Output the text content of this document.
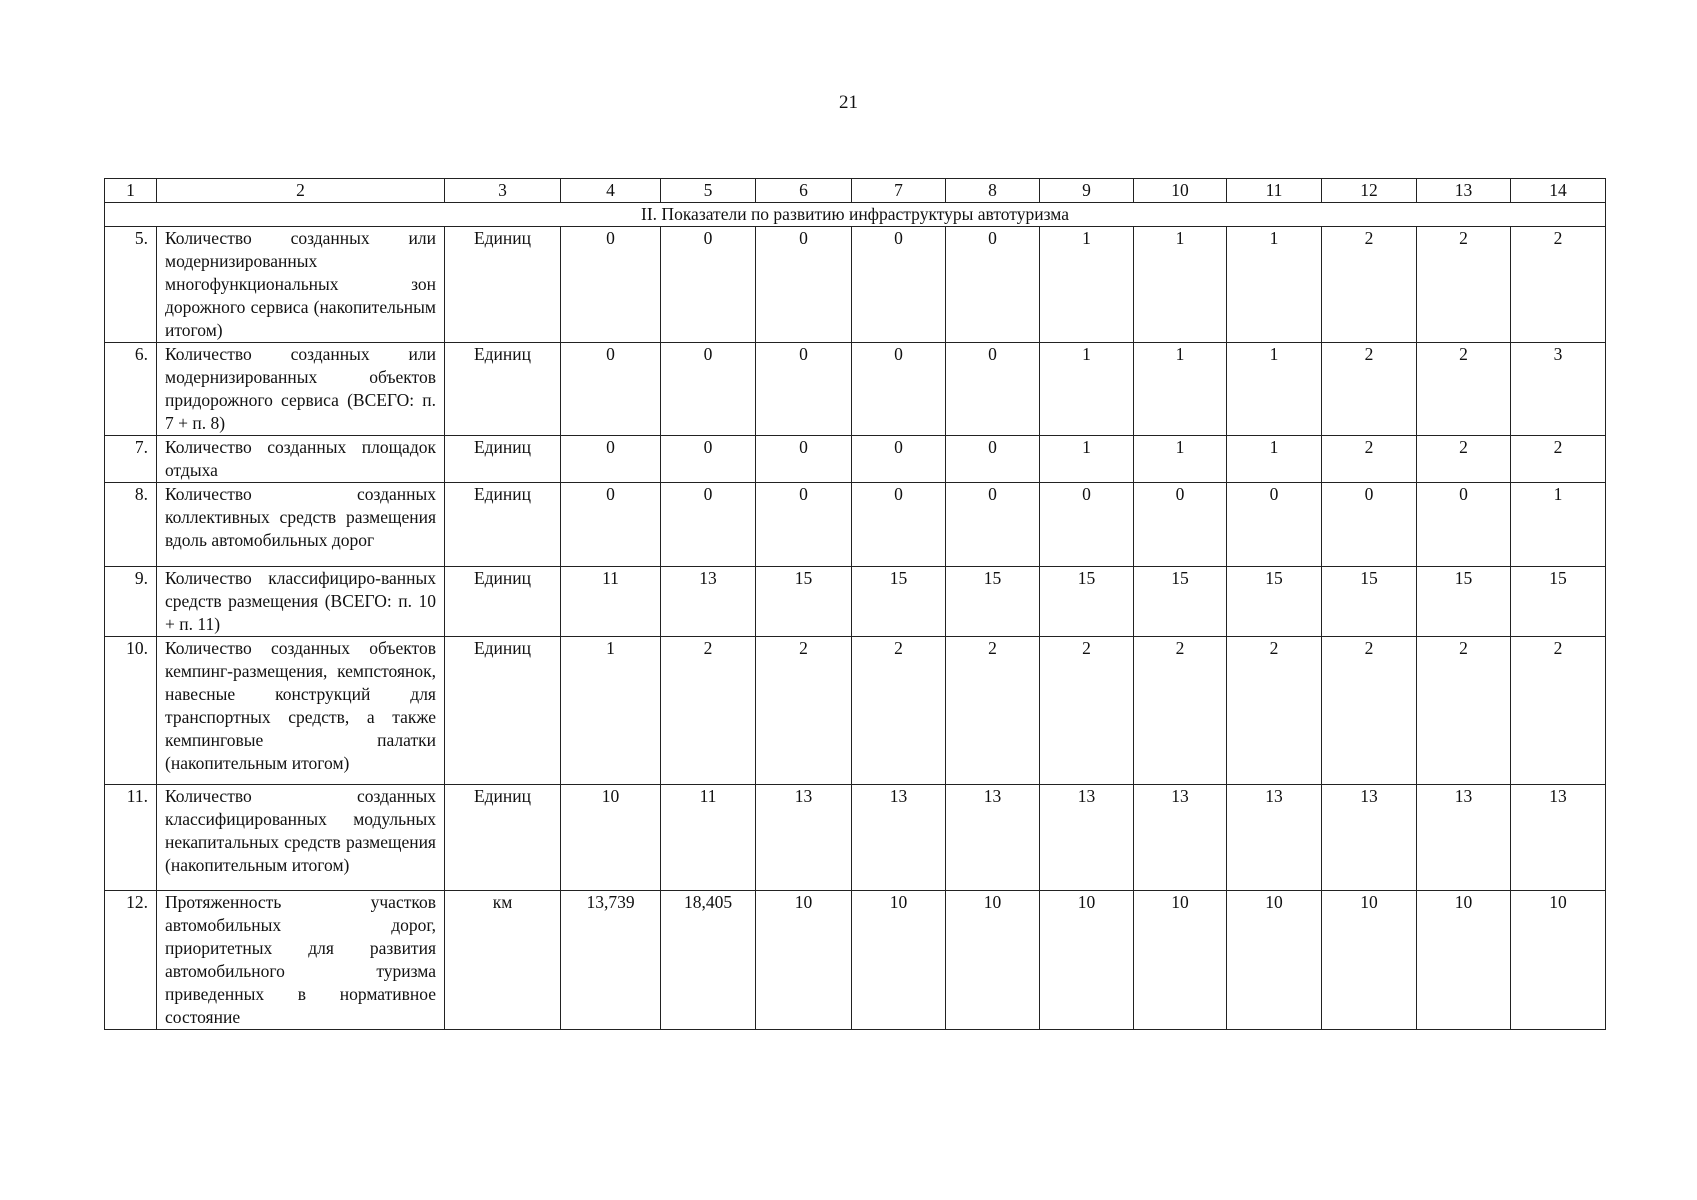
21
1	2	3	4	5	6	7	8	9	10	11	12	13	14
II. Показатели по развитию инфраструктуры автотуризма													
5.	Количество созданных или модернизированных многофункциональных зон дорожного сервиса (накопительным итогом)	Единиц	0	0	0	0	0	1	1	1	2	2	2
6.	Количество созданных или модернизированных объектов придорожного сервиса (ВСЕГО: п. 7 + п. 8)	Единиц	0	0	0	0	0	1	1	1	2	2	3
7.	Количество созданных площадок отдыха	Единиц	0	0	0	0	0	1	1	1	2	2	2
8.	Количество созданных коллективных средств размещения вдоль автомобильных дорог	Единиц	0	0	0	0	0	0	0	0	0	0	1
9.	Количество классифициро-ванных средств размещения (ВСЕГО: п. 10 + п. 11)	Единиц	11	13	15	15	15	15	15	15	15	15	15
10.	Количество созданных объектов кемпинг-размещения, кемпстоянок, навесные конструкций для транспортных средств, а также кемпинговые палатки (накопительным итогом)	Единиц	1	2	2	2	2	2	2	2	2	2	2
11.	Количество созданных классифицированных модульных некапитальных средств размещения (накопительным итогом)	Единиц	10	11	13	13	13	13	13	13	13	13	13
12.	Протяженность участков автомобильных дорог, приоритетных для развития автомобильного туризма приведенных в нормативное состояние	км	13,739	18,405	10	10	10	10	10	10	10	10	10
